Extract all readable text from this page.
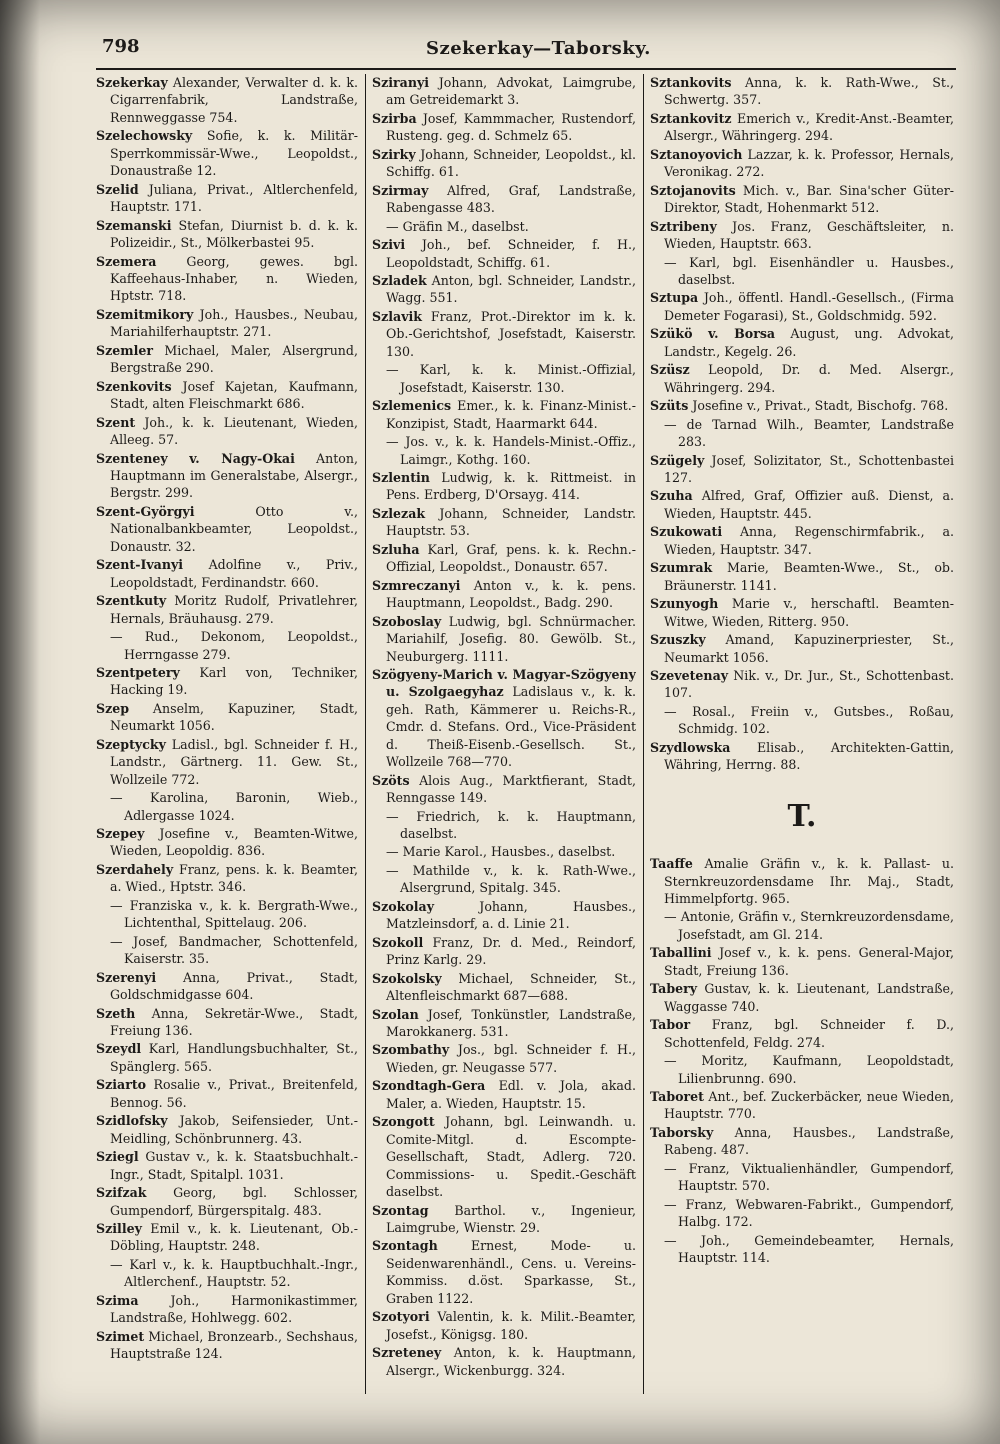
798	Szekerkay—Taborsky.
Szekerkay Alexander, Verwalter d. k. k. Cigarrenfabrik, Landstraße, Rennweggasse 754.
Szelechowsky Sofie, k. k. Militär-Sperrkommissär-Wwe., Leopoldst., Donaustraße 12.
Szelid Juliana, Privat., Altlerchenfeld, Hauptstr. 171.
Szemanski Stefan, Diurnist b. d. k. k. Polizeidir., St., Mölkerbastei 95.
Szemera Georg, gewes. bgl. Kaffeehaus-Inhaber, n. Wieden, Hptstr. 718.
Szemitmikory Joh., Hausbes., Neubau, Mariahilferhauptstr. 271.
Szemler Michael, Maler, Alsergrund, Bergstraße 290.
Szenkovits Josef Kajetan, Kaufmann, Stadt, alten Fleischmarkt 686.
Szent Joh., k. k. Lieutenant, Wieden, Alleeg. 57.
Szenteney v. Nagy-Okai Anton, Hauptmann im Generalstabe, Alsergr., Bergstr. 299.
Szent-Györgyi	Otto v., Nationalbankbeamter, Leopoldst., Donaustr. 32.
Szent-Ivanyi Adolfine v., Priv., Leopoldstadt, Ferdinandstr. 660.
Szentkuty Moritz Rudolf, Privatlehrer, Hernals, Bräuhausg. 279.
— Rud., Dekonom, Leopoldst., Herrngasse 279.
Szentpetery Karl von, Techniker, Hacking 19.
Szep Anselm, Kapuziner, Stadt, Neumarkt 1056.
Szeptycky Ladisl., bgl. Schneider f. H., Landstr., Gärtnerg. 11. Gew. St., Wollzeile 772.
— Karolina, Baronin, Wieb., Adlergasse 1024.
Szepey Josefine v., Beamten-Witwe, Wieden, Leopoldig. 836.
Szerdahely Franz, pens. k. k. Beamter, a. Wied., Hptstr. 346.
— Franziska v., k. k. Bergrath-Wwe., Lichtenthal, Spittelaug. 206.
— Josef, Bandmacher, Schottenfeld, Kaiserstr. 35.
Szerenyi Anna, Privat., Stadt, Goldschmidgasse 604.
Szeth Anna, Sekretär-Wwe., Stadt, Freiung 136.
Szeydl Karl, Handlungsbuchhalter, St., Spänglerg. 565.
Sziarto Rosalie v., Privat., Breitenfeld, Bennog. 56.
Szidlofsky Jakob, Seifensieder, Unt.-Meidling, Schönbrunnerg. 43.
Sziegl Gustav v., k. k. Staatsbuchhalt.-Ingr., Stadt, Spitalpl. 1031.
Szifzak Georg, bgl. Schlosser, Gumpendorf, Bürgerspitalg. 483.
Szilley Emil v., k. k. Lieutenant, Ob.-Döbling, Hauptstr. 248.
— Karl v., k. k. Hauptbuchhalt.-Ingr., Altlerchenf., Hauptstr. 52.
Szima	Joh., Harmonikastimmer, Landstraße, Hohlwegg. 602.
Szimet Michael, Bronzearb., Sechshaus, Hauptstraße 124.
Sziranyi Johann, Advokat, Laimgrube, am Getreidemarkt 3.
Szirba Josef, Kammmacher, Rustendorf, Rusteng. geg. d. Schmelz 65.
Szirky Johann, Schneider, Leopoldst., kl. Schiffg. 61.
Szirmay Alfred, Graf, Landstraße, Rabengasse 483.
— Gräfin M., daselbst.
Szivi Joh., bef. Schneider, f. H., Leopoldstadt, Schiffg. 61.
Szladek Anton, bgl. Schneider, Landstr., Wagg. 551.
Szlavik Franz, Prot.-Direktor im k. k. Ob.-Gerichtshof, Josefstadt, Kaiserstr. 130.
— Karl, k. k. Minist.-Offizial, Josefstadt, Kaiserstr. 130.
Szlemenics Emer., k. k. Finanz-Minist.-Konzipist, Stadt, Haarmarkt 644.
— Jos. v., k. k. Handels-Minist.-Offiz., Laimgr., Kothg. 160.
Szlentin Ludwig, k. k. Rittmeist. in Pens. Erdberg, D'Orsayg. 414.
Szlezak Johann, Schneider, Landstr. Hauptstr. 53.
Szluha Karl, Graf, pens. k. k. Rechn.-Offizial, Leopoldst., Donaustr. 657.
Szmreczanyi Anton v., k. k. pens. Hauptmann, Leopoldst., Badg. 290.
Szoboslay Ludwig, bgl. Schnürmacher. Mariahilf, Josefig. 80. Gewölb. St., Neuburgerg. 1111.
Szögyeny-Marich v. Magyar-Szögyeny u. Szolgaegyhaz Ladislaus v., k. k. geh. Rath, Kämmerer u. Reichs-R., Cmdr. d. Stefans. Ord., Vice-Präsident d. Theiß-Eisenb.-Gesellsch. St., Wollzeile 768—770.
Szöts Alois Aug., Marktfierant, Stadt, Renngasse 149.
— Friedrich, k. k. Hauptmann, daselbst.
— Marie Karol., Hausbes., daselbst.
— Mathilde v., k. k. Rath-Wwe., Alsergrund, Spitalg. 345.
Szokolay	Johann, Hausbes., Matzleinsdorf, a. d. Linie 21.
Szokoll Franz, Dr. d. Med., Reindorf, Prinz Karlg. 29.
Szokolsky Michael, Schneider, St., Altenfleischmarkt 687—688.
Szolan Josef, Tonkünstler, Landstraße, Marokkanerg. 531.
Szombathy Jos., bgl. Schneider f. H., Wieden, gr. Neugasse 577.
Szondtagh-Gera Edl. v. Jola, akad. Maler, a. Wieden, Hauptstr. 15.
Szongott Johann, bgl. Leinwandh. u. Comite-Mitgl. d. Escompte-Gesellschaft, Stadt, Adlerg. 720. Commissions- u. Spedit.-Geschäft daselbst.
Szontag Barthol. v., Ingenieur, Laimgrube, Wienstr. 29.
Szontagh	Ernest, Mode- u. Seidenwarenhändl., Cens. u. Vereins-Kommiss. d.öst. Sparkasse, St., Graben 1122.
Szotyori Valentin, k. k. Milit.-Beamter, Josefst., Königsg. 180.
Szreteney Anton, k. k. Hauptmann, Alsergr., Wickenburgg. 324.
Sztankovits Anna, k. k. Rath-Wwe., St., Schwertg. 357.
Sztankovitz Emerich v., Kredit-Anst.-Beamter, Alsergr., Währingerg. 294.
Sztanoyovich Lazzar, k. k. Professor, Hernals, Veronikag. 272.
Sztojanovits Mich. v., Bar. Sina'scher Güter-Direktor, Stadt, Hohenmarkt 512.
Sztribeny Jos. Franz, Geschäftsleiter, n. Wieden, Hauptstr. 663.
— Karl, bgl. Eisenhändler u. Hausbes., daselbst.
Sztupa Joh., öffentl. Handl.-Gesellsch., (Firma Demeter Fogarasi), St., Goldschmidg. 592.
Szükö v. Borsa August, ung. Advokat, Landstr., Kegelg. 26.
Szüsz Leopold, Dr. d. Med. Alsergr., Währingerg. 294.
Szüts Josefine v., Privat., Stadt, Bischofg. 768.
— de Tarnad Wilh., Beamter, Landstraße 283.
Szügely Josef, Solizitator, St., Schottenbastei 127.
Szuha Alfred, Graf, Offizier auß. Dienst, a. Wieden, Hauptstr. 445.
Szukowati Anna, Regenschirmfabrik., a. Wieden, Hauptstr. 347.
Szumrak Marie, Beamten-Wwe., St., ob. Bräunerstr. 1141.
Szunyogh Marie v., herschaftl. Beamten-Witwe, Wieden, Ritterg. 950.
Szuszky Amand, Kapuzinerpriester, St., Neumarkt 1056.
Szevetenay Nik. v., Dr. Jur., St., Schottenbast. 107.
— Rosal., Freiin v., Gutsbes., Roßau, Schmidg. 102.
Szydlowska Elisab., Architekten-Gattin, Währing, Herrng. 88.
T.
Taaffe Amalie Gräfin v., k. k. Pallast- u. Sternkreuzordensdame Ihr. Maj., Stadt, Himmelpfortg. 965.
— Antonie, Gräfin v., Sternkreuzordensdame, Josefstadt, am Gl. 214.
Taballini Josef v., k. k. pens. General-Major, Stadt, Freiung 136.
Tabery Gustav, k. k. Lieutenant, Landstraße, Waggasse 740.
Tabor Franz, bgl. Schneider f. D., Schottenfeld, Feldg. 274.
— Moritz, Kaufmann, Leopoldstadt, Lilienbrunng. 690.
Taboret Ant., bef. Zuckerbäcker, neue Wieden, Hauptstr. 770.
Taborsky Anna, Hausbes., Landstraße, Rabeng. 487.
— Franz, Viktualienhändler, Gumpendorf, Hauptstr. 570.
— Franz, Webwaren-Fabrikt., Gumpendorf, Halbg. 172.
— Joh., Gemeindebeamter, Hernals, Hauptstr. 114.
